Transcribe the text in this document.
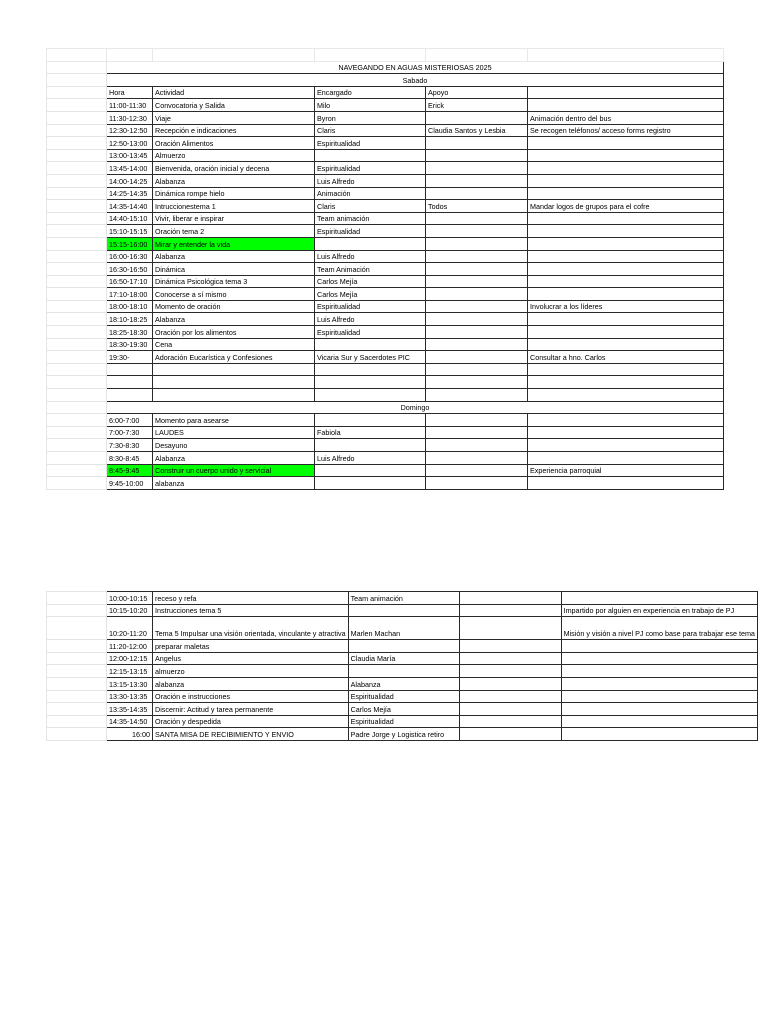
	NAVEGANDO EN AGUAS MISTERIOSAS 2025				
	Sabado				
	Hora	Actividad	Encargado	Apoyo	
	11:00-11:30	Convocatoria y Salida	Milo	Erick	
	11:30-12:30	Viaje	Byron		Animación dentro del bus
	12:30-12:50	Recepción e indicaciones	Claris	Claudia Santos y Lesbia	Se recogen teléfonos/ acceso forms registro
	12:50-13:00	Oración Alimentos	Espiritualidad		
	13:00-13:45	Almuerzo			
	13:45-14:00	Bienvenida, oración inicial y decena	Espiritualidad		
	14:00-14:25	Alabanza	Luis Alfredo		
	14:25-14:35	Dinámica rompe hielo	Animación		
	14:35-14:40	Intruccionestema 1	Claris	Todos	Mandar logos de grupos para el cofre
	14:40-15:10	Vivir, liberar e inspirar	Team animación		
	15:10-15:15	Oración tema 2	Espiritualidad		
	15:15-16:00	Mirar y entender la vida			
	16:00-16:30	Alabanza	Luis Alfredo		
	16:30-16:50	Dinámica	Team Animación		
	16:50-17:10	Dinámica Psicológica tema 3	Carlos Mejía		
	17:10-18:00	Conocerse a sí mismo	Carlos Mejía		
	18:00-18:10	Momento de oración	Espiritualidad		Involucrar a los líderes
	18:10-18:25	Alabanza	Luis Alfredo		
	18:25-18:30	Oración por los alimentos	Espiritualidad		
	18:30-19:30	Cena			
	19:30-	Adoración Eucarística y Confesiones	Vicaria Sur y Sacerdotes PIC		Consultar a hno. Carlos

	Domingo				
	6:00-7:00	Momento para asearse			
	7:00-7:30	LAUDES	Fabiola		
	7:30-8:30	Desayuno			
	8:30-8:45	Alabanza	Luis Alfredo		
	8:45-9:45	Construir un cuerpo unido y servicial			Experiencia parroquial
	9:45-10:00	alabanza			
	10:00-10:15	receso y refa	Team animación		
	10:15-10:20	Instrucciones tema 5			Impartido por alguien en experiencia en trabajo de PJ
	10:20-11:20	Tema 5 Impulsar una visión orientada, vinculante y atractiva	Marlen Machan		Misión y visión a nivel PJ como base para trabajar ese tema
	11:20-12:00	preparar maletas			
	12:00-12:15	Angelus	Claudia María		
	12:15-13:15	almuerzo			
	13:15-13:30	alabanza	Alabanza		
	13:30-13:35	Oración e instrucciones	Espiritualidad		
	13:35-14:35	Discernir: Actitud y tarea permanente	Carlos Mejía		
	14:35-14:50	Oración y despedida	Espiritualidad		
	16:00	SANTA MISA DE RECIBIMIENTO Y ENVIO	Padre Jorge y Logistica retiro		
